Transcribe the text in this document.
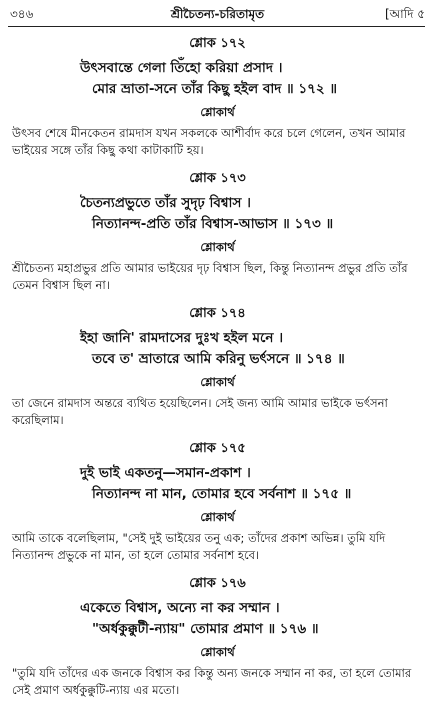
৩৪৬	শ্রীচৈতন্য-চরিতামৃত	[আদি ৫
শ্লোক ১৭২
উৎসবান্তে গেলা তিঁহো করিয়া প্রসাদ ।
মোর ভ্রাতা-সনে তাঁর কিছু হইল বাদ ॥ ১৭২ ॥
শ্লোকার্থ
উৎসব শেষে মীনকেতন রামদাস যখন সকলকে আশীর্বাদ করে চলে গেলেন, তখন আমার ভাইয়ের সঙ্গে তাঁর কিছু কথা কাটাকাটি হয়।
শ্লোক ১৭৩
চৈতন্যপ্রভুতে তাঁর সুদৃঢ় বিশ্বাস ।
নিত্যানন্দ-প্রতি তাঁর বিশ্বাস-আভাস ॥ ১৭৩ ॥
শ্লোকার্থ
শ্রীচৈতন্য মহাপ্রভুর প্রতি আমার ভাইয়ের দৃঢ় বিশ্বাস ছিল, কিন্তু নিত্যানন্দ প্রভুর প্রতি তাঁর তেমন বিশ্বাস ছিল না।
শ্লোক ১৭৪
ইহা জানি' রামদাসের দুঃখ হইল মনে ।
তবে ত' ভ্রাতারে আমি করিনু ভর্ৎসনে ॥ ১৭৪ ॥
শ্লোকার্থ
তা জেনে রামদাস অন্তরে ব্যথিত হয়েছিলেন। সেই জন্য আমি আমার ভাইকে ভর্ৎসনা করেছিলাম।
শ্লোক ১৭৫
দুই ভাই একতনু—সমান-প্রকাশ ।
নিত্যানন্দ না মান, তোমার হবে সর্বনাশ ॥ ১৭৫ ॥
শ্লোকার্থ
আমি তাকে বলেছিলাম, "সেই দুই ভাইয়ের তনু এক; তাঁদের প্রকাশ অভিন্ন। তুমি যদি নিত্যানন্দ প্রভুকে না মান, তা হলে তোমার সর্বনাশ হবে।
শ্লোক ১৭৬
একেতে বিশ্বাস, অন্যে না কর সম্মান ।
"অর্ধকুক্কুটী-ন্যায়" তোমার প্রমাণ ॥ ১৭৬ ॥
শ্লোকার্থ
"তুমি যদি তাঁদের এক জনকে বিশ্বাস কর কিন্তু অন্য জনকে সম্মান না কর, তা হলে তোমার সেই প্রমাণ অর্ধকুক্কুটি-ন্যায় এর মতো।
